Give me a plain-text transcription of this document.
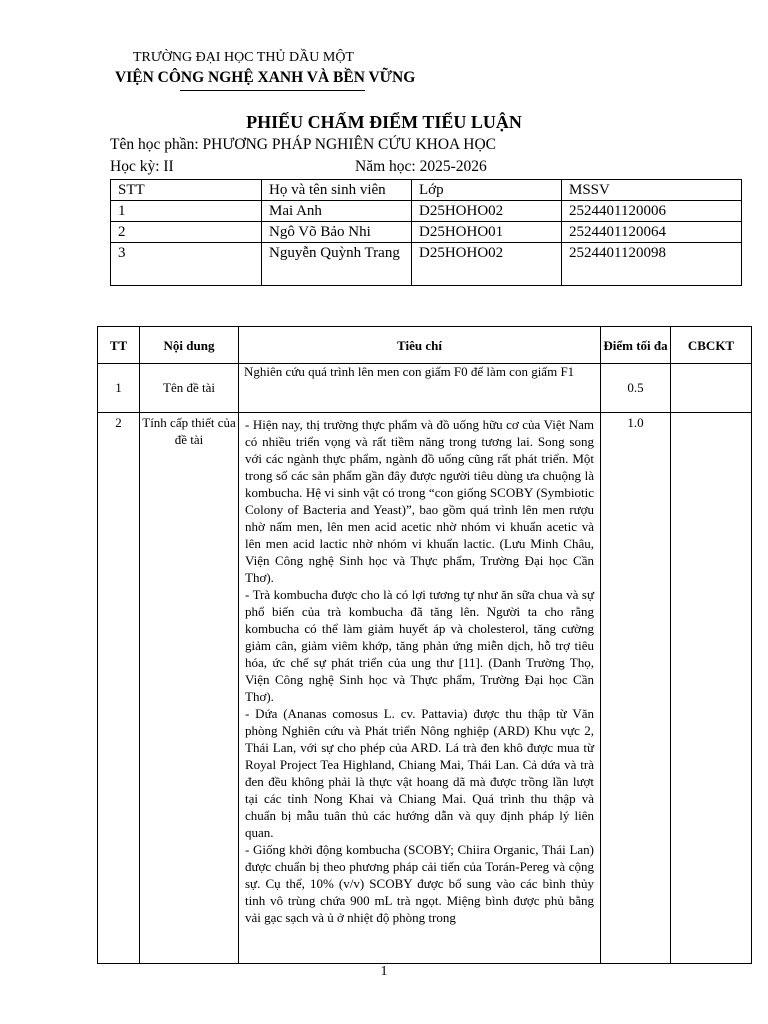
TRƯỜNG ĐẠI HỌC THỦ DẦU MỘT
VIỆN CÔNG NGHỆ XANH VÀ BỀN VỮNG
PHIẾU CHẤM ĐIỂM TIỂU LUẬN
Tên học phần: PHƯƠNG PHÁP NGHIÊN CỨU KHOA HỌC
Học kỳ: II	Năm học: 2025-2026
STT	Họ và tên sinh viên	Lớp	MSSV
1	Mai Anh	D25HOHO02	2524401120006
2	Ngô Võ Bảo Nhi	D25HOHO01	2524401120064
3	Nguyễn Quỳnh Trang	D25HOHO02	2524401120098
TT	Nội dung	Tiêu chí	Điểm tối đa	CBCKT
1	Tên đề tài	Nghiên cứu quá trình lên men con giấm F0 để làm con giấm F1	0.5	
2	Tính cấp thiết của đề tài	- Hiện nay, thị trường thực phẩm và đồ uống hữu cơ của Việt Nam có nhiều triển vọng và rất tiềm năng trong tương lai. Song song với các ngành thực phẩm, ngành đồ uống cũng rất phát triển. Một trong số các sản phẩm gần đây được người tiêu dùng ưa chuộng là kombucha. Hệ vi sinh vật có trong “con giống SCOBY (Symbiotic Colony of Bacteria and Yeast)”, bao gồm quá trình lên men rượu nhờ nấm men, lên men acid acetic nhờ nhóm vi khuẩn acetic và lên men acid lactic nhờ nhóm vi khuẩn lactic. (Lưu Minh Châu, Viện Công nghệ Sinh học và Thực phẩm, Trường Đại học Cần Thơ).

- Trà kombucha được cho là có lợi tương tự như ăn sữa chua và sự phổ biến của trà kombucha đã tăng lên. Người ta cho rằng kombucha có thể làm giảm huyết áp và cholesterol, tăng cường giảm cân, giảm viêm khớp, tăng phản ứng miễn dịch, hỗ trợ tiêu hóa, ức chế sự phát triển của ung thư [11]. (Danh Trường Thọ, Viện Công nghệ Sinh học và Thực phẩm, Trường Đại học Cần Thơ).

- Dứa (Ananas comosus L. cv. Pattavia) được thu thập từ Văn phòng Nghiên cứu và Phát triển Nông nghiệp (ARD) Khu vực 2, Thái Lan, với sự cho phép của ARD. Lá trà đen khô được mua từ Royal Project Tea Highland, Chiang Mai, Thái Lan. Cả dứa và trà đen đều không phải là thực vật hoang dã mà được trồng lần lượt tại các tỉnh Nong Khai và Chiang Mai. Quá trình thu thập và chuẩn bị mẫu tuân thủ các hướng dẫn và quy định pháp lý liên quan.

- Giống khởi động kombucha (SCOBY; Chiira Organic, Thái Lan) được chuẩn bị theo phương pháp cải tiến của Torán-Pereg và cộng sự. Cụ thể, 10% (v/v) SCOBY được bổ sung vào các bình thủy tinh vô trùng chứa 900 mL trà ngọt. Miệng bình được phủ bằng vải gạc sạch và ủ ở nhiệt độ phòng trong	1.0	
1
